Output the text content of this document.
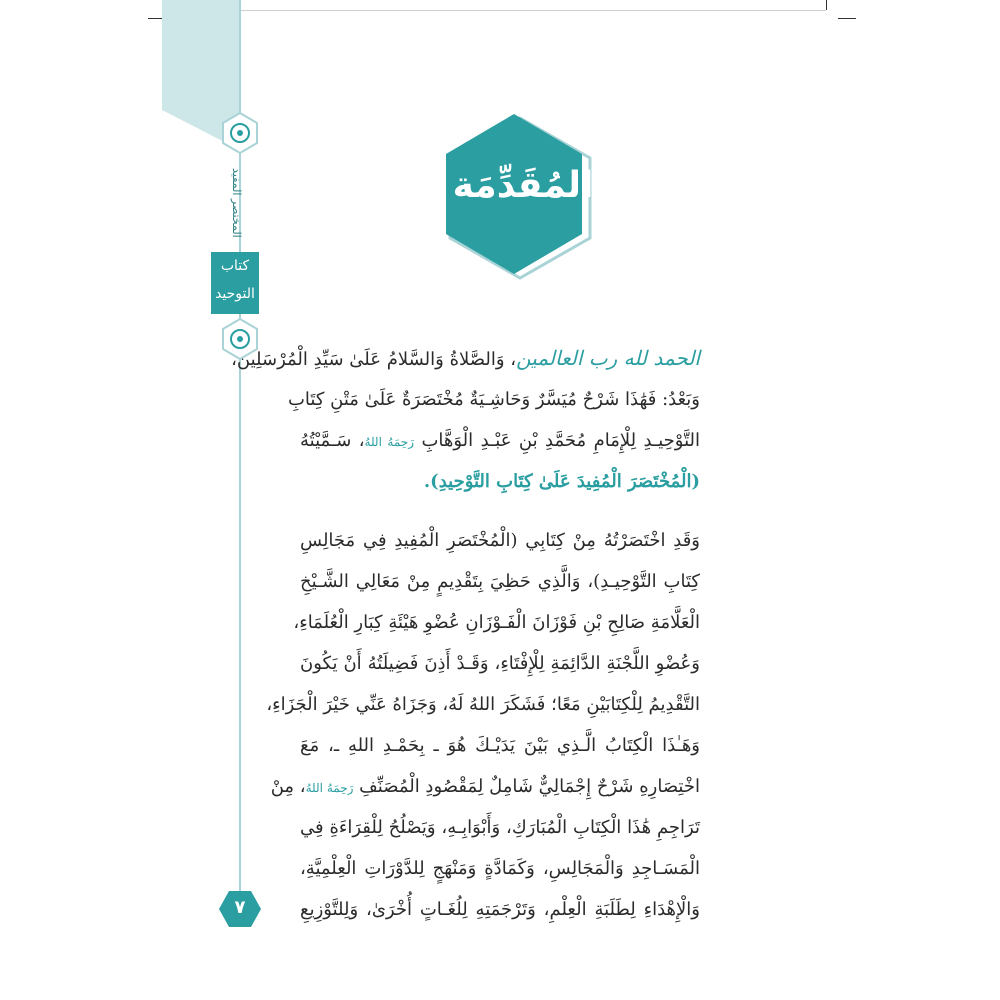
المختصر المفيد
كتاب
التوحيد
المُقَدِّمَة
الحمد لله رب العالمين، وَالصَّلاةُ وَالسَّلامُ عَلَىٰ سَيِّدِ الْمُرْسَلِين،
وَبَعْدُ: فَهَٰذَا شَرْحٌ مُيَسَّرٌ وَحَاشِـيَةٌ مُخْتَصَرَةٌ عَلَىٰ مَتْنِ كِتَابِ
التَّوْحِيـدِ لِلْإِمَامِ مُحَمَّدِ بْنِ عَبْـدِ الْوَهَّابِ رَحِمَهُ اللهُ، سَـمَّيْتُهُ
(الْمُخْتَصَرَ الْمُفِيدَ عَلَىٰ كِتَابِ التَّوْحِيدِ).
وَقَدِ اخْتَصَرْتُهُ مِنْ كِتَابِي (الْمُخْتَصَرِ الْمُفِيدِ فِي مَجَالِسِ
كِتَابِ التَّوْحِيـدِ)، وَالَّذِي حَظِيَ بِتَقْدِيمٍ مِنْ مَعَالِي الشَّـيْخِ
الْعَلَّامَةِ صَالِحِ بْنِ فَوْزَانَ الْفَـوْزَانِ عُضْوِ هَيْئَةِ كِبَارِ الْعُلَمَاءِ،
وَعُضْوِ اللَّجْنَةِ الدَّائِمَةِ لِلْإِفْتَاءِ، وَقَـدْ أَذِنَ فَضِيلَتُهُ أَنْ يَكُونَ
التَّقْدِيمُ لِلْكِتَابَيْنِ مَعًا؛ فَشَكَرَ اللهُ لَهُ، وَجَزَاهُ عَنِّي خَيْرَ الْجَزَاءِ،
وَهَـٰذَا الْكِتَابُ الَّـذِي بَيْنَ يَدَيْـكَ هُوَ ـ بِحَمْـدِ اللهِ ـ، مَعَ
اخْتِصَارِهِ شَرْحٌ إِجْمَالِيٌّ شَامِلٌ لِمَقْصُودِ الْمُصَنِّفِ رَحِمَهُ اللهُ، مِنْ
تَرَاجِمِ هَٰذَا الْكِتَابِ الْمُبَارَكِ، وَأَبْوَابِـهِ، وَيَصْلُحُ لِلْقِرَاءَةِ فِي
الْمَسَـاجِدِ وَالْمَجَالِسِ، وَكَمَادَّةٍ وَمَنْهَجٍ لِلدَّوْرَاتِ الْعِلْمِيَّةِ،
وَالْإِهْدَاءِ لِطَلَبَةِ الْعِلْمِ، وَتَرْجَمَتِهِ لِلُغَـاتٍ أُخْرَىٰ، وَلِلتَّوْزِيعِ
٧
